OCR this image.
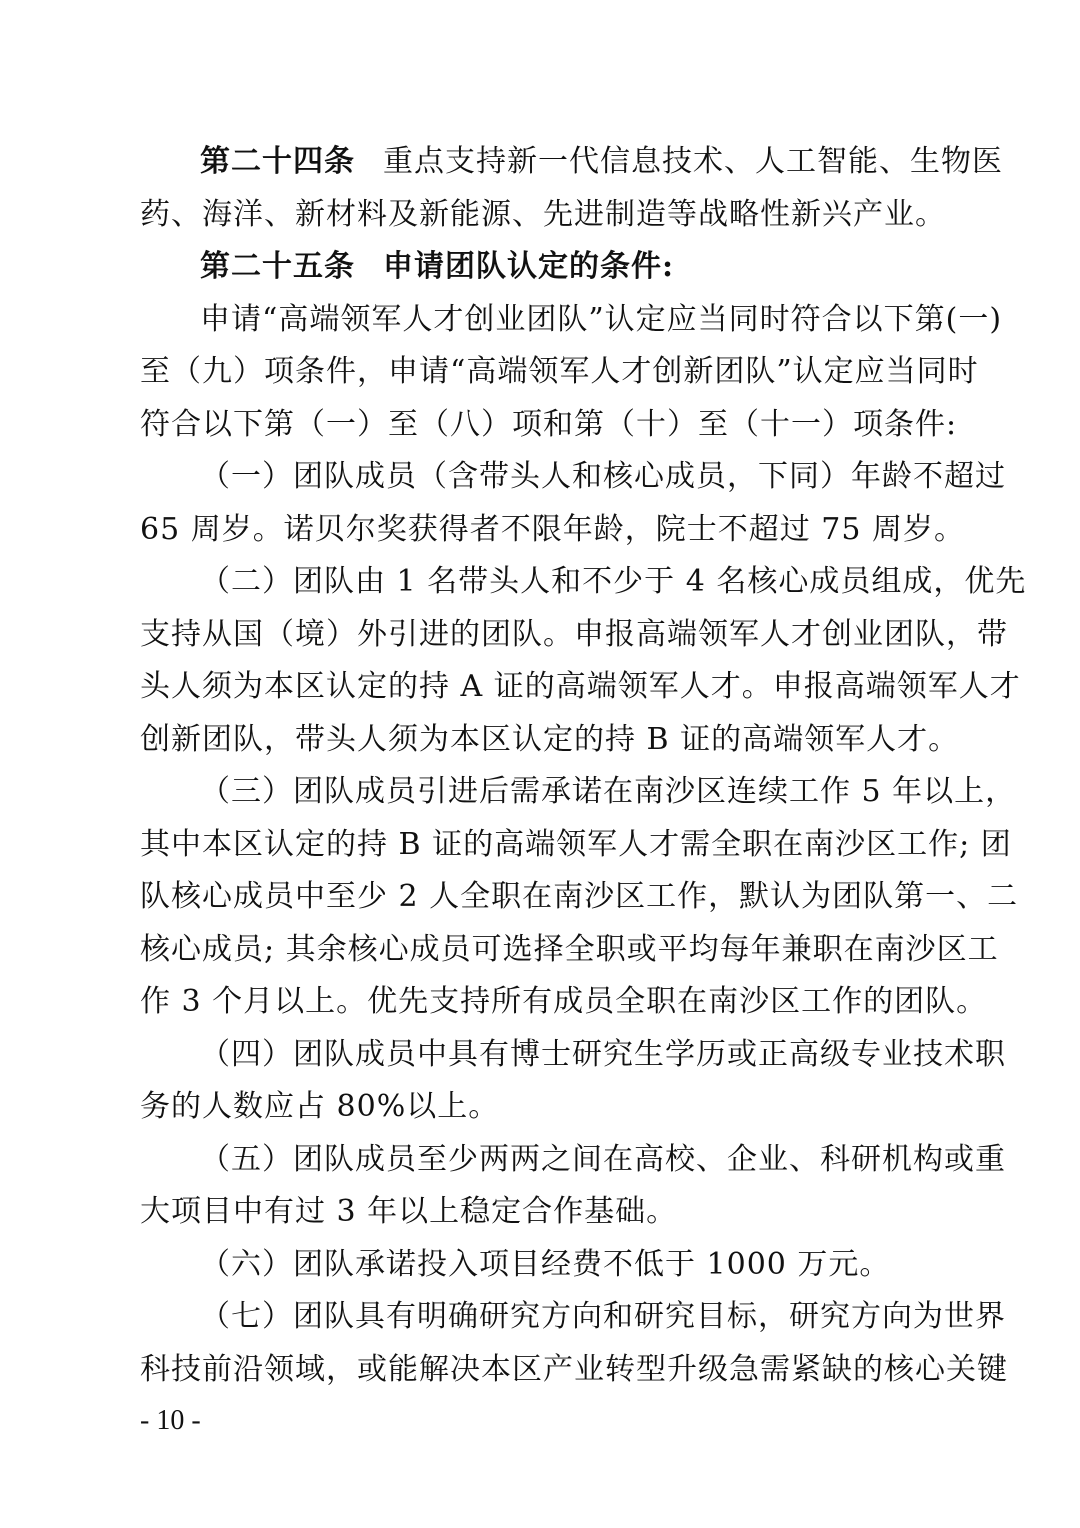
第二十四条 重点支持新一代信息技术、人工智能、生物医
药、海洋、新材料及新能源、先进制造等战略性新兴产业。

第二十五条 申请团队认定的条件:

申请“高端领军人才创业团队”认定应当同时符合以下第(一)
至（九）项条件，申请“高端领军人才创新团队”认定应当同时
符合以下第（一）至（八）项和第（十）至（十一）项条件:

（一）团队成员（含带头人和核心成员，下同）年龄不超过
65 周岁。诺贝尔奖获得者不限年龄，院士不超过 75 周岁。

（二）团队由 1 名带头人和不少于 4 名核心成员组成，优先
支持从国（境）外引进的团队。申报高端领军人才创业团队，带
头人须为本区认定的持 A 证的高端领军人才。申报高端领军人才
创新团队，带头人须为本区认定的持 B 证的高端领军人才。

（三）团队成员引进后需承诺在南沙区连续工作 5 年以上，
其中本区认定的持 B 证的高端领军人才需全职在南沙区工作; 团
队核心成员中至少 2 人全职在南沙区工作，默认为团队第一、二
核心成员; 其余核心成员可选择全职或平均每年兼职在南沙区工
作 3 个月以上。优先支持所有成员全职在南沙区工作的团队。

（四）团队成员中具有博士研究生学历或正高级专业技术职
务的人数应占 80%以上。

（五）团队成员至少两两之间在高校、企业、科研机构或重
大项目中有过 3 年以上稳定合作基础。

（六）团队承诺投入项目经费不低于 1000 万元。

（七）团队具有明确研究方向和研究目标，研究方向为世界
科技前沿领域，或能解决本区产业转型升级急需紧缺的核心关键

- 10 -
